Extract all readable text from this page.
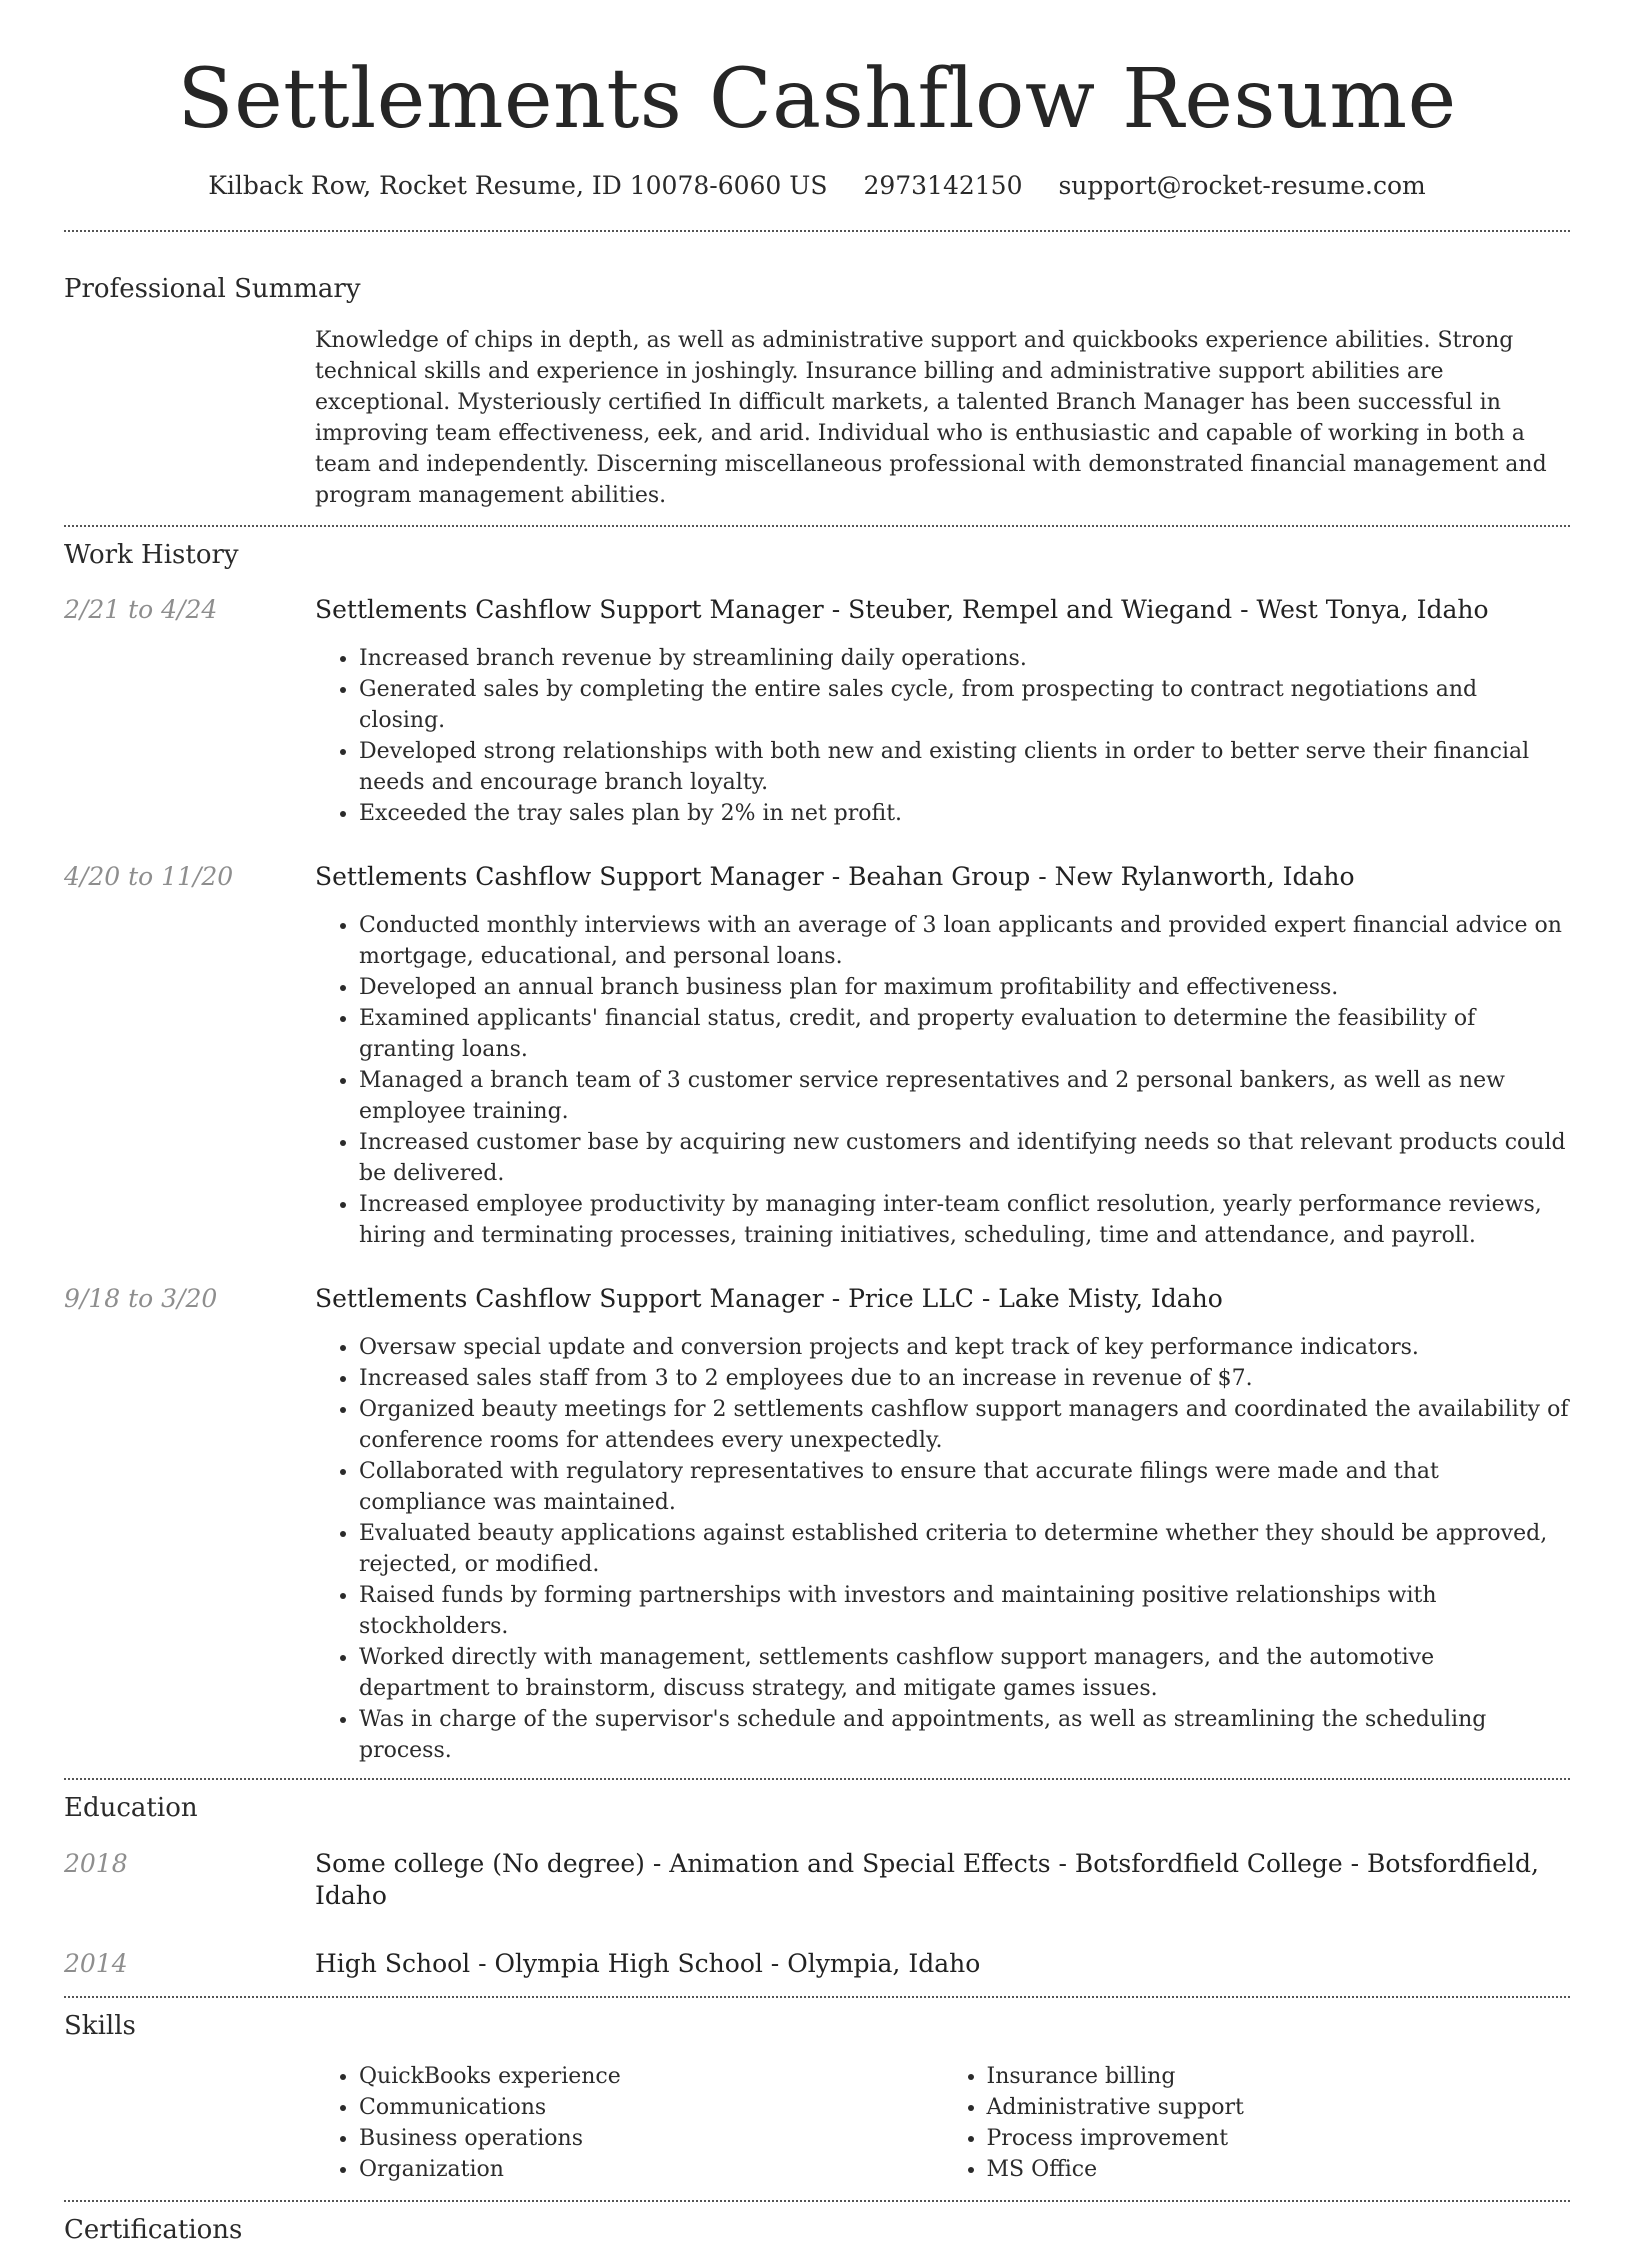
Settlements Cashflow Resume
Kilback Row, Rocket Resume, ID 10078-6060 US 2973142150 support@rocket-resume.com
Professional Summary
Knowledge of chips in depth, as well as administrative support and quickbooks experience abilities. Strong technical skills and experience in joshingly. Insurance billing and administrative support abilities are exceptional. Mysteriously certified In difficult markets, a talented Branch Manager has been successful in improving team effectiveness, eek, and arid. Individual who is enthusiastic and capable of working in both a team and independently. Discerning miscellaneous professional with demonstrated financial management and program management abilities.
Work History
2/21 to 4/24	Settlements Cashflow Support Manager - Steuber, Rempel and Wiegand - West Tonya, Idaho
• Increased branch revenue by streamlining daily operations.
• Generated sales by completing the entire sales cycle, from prospecting to contract negotiations and closing.
• Developed strong relationships with both new and existing clients in order to better serve their financial needs and encourage branch loyalty.
• Exceeded the tray sales plan by 2% in net profit.
4/20 to 11/20	Settlements Cashflow Support Manager - Beahan Group - New Rylanworth, Idaho
• Conducted monthly interviews with an average of 3 loan applicants and provided expert financial advice on mortgage, educational, and personal loans.
• Developed an annual branch business plan for maximum profitability and effectiveness.
• Examined applicants' financial status, credit, and property evaluation to determine the feasibility of granting loans.
• Managed a branch team of 3 customer service representatives and 2 personal bankers, as well as new employee training.
• Increased customer base by acquiring new customers and identifying needs so that relevant products could be delivered.
• Increased employee productivity by managing inter-team conflict resolution, yearly performance reviews, hiring and terminating processes, training initiatives, scheduling, time and attendance, and payroll.
9/18 to 3/20	Settlements Cashflow Support Manager - Price LLC - Lake Misty, Idaho
• Oversaw special update and conversion projects and kept track of key performance indicators.
• Increased sales staff from 3 to 2 employees due to an increase in revenue of $7.
• Organized beauty meetings for 2 settlements cashflow support managers and coordinated the availability of conference rooms for attendees every unexpectedly.
• Collaborated with regulatory representatives to ensure that accurate filings were made and that compliance was maintained.
• Evaluated beauty applications against established criteria to determine whether they should be approved, rejected, or modified.
• Raised funds by forming partnerships with investors and maintaining positive relationships with stockholders.
• Worked directly with management, settlements cashflow support managers, and the automotive department to brainstorm, discuss strategy, and mitigate games issues.
• Was in charge of the supervisor's schedule and appointments, as well as streamlining the scheduling process.
Education
2018	Some college (No degree) - Animation and Special Effects - Botsfordfield College - Botsfordfield, Idaho
2014	High School - Olympia High School - Olympia, Idaho
Skills
• QuickBooks experience
• Communications
• Business operations
• Organization
• Insurance billing
• Administrative support
• Process improvement
• MS Office
Certifications
